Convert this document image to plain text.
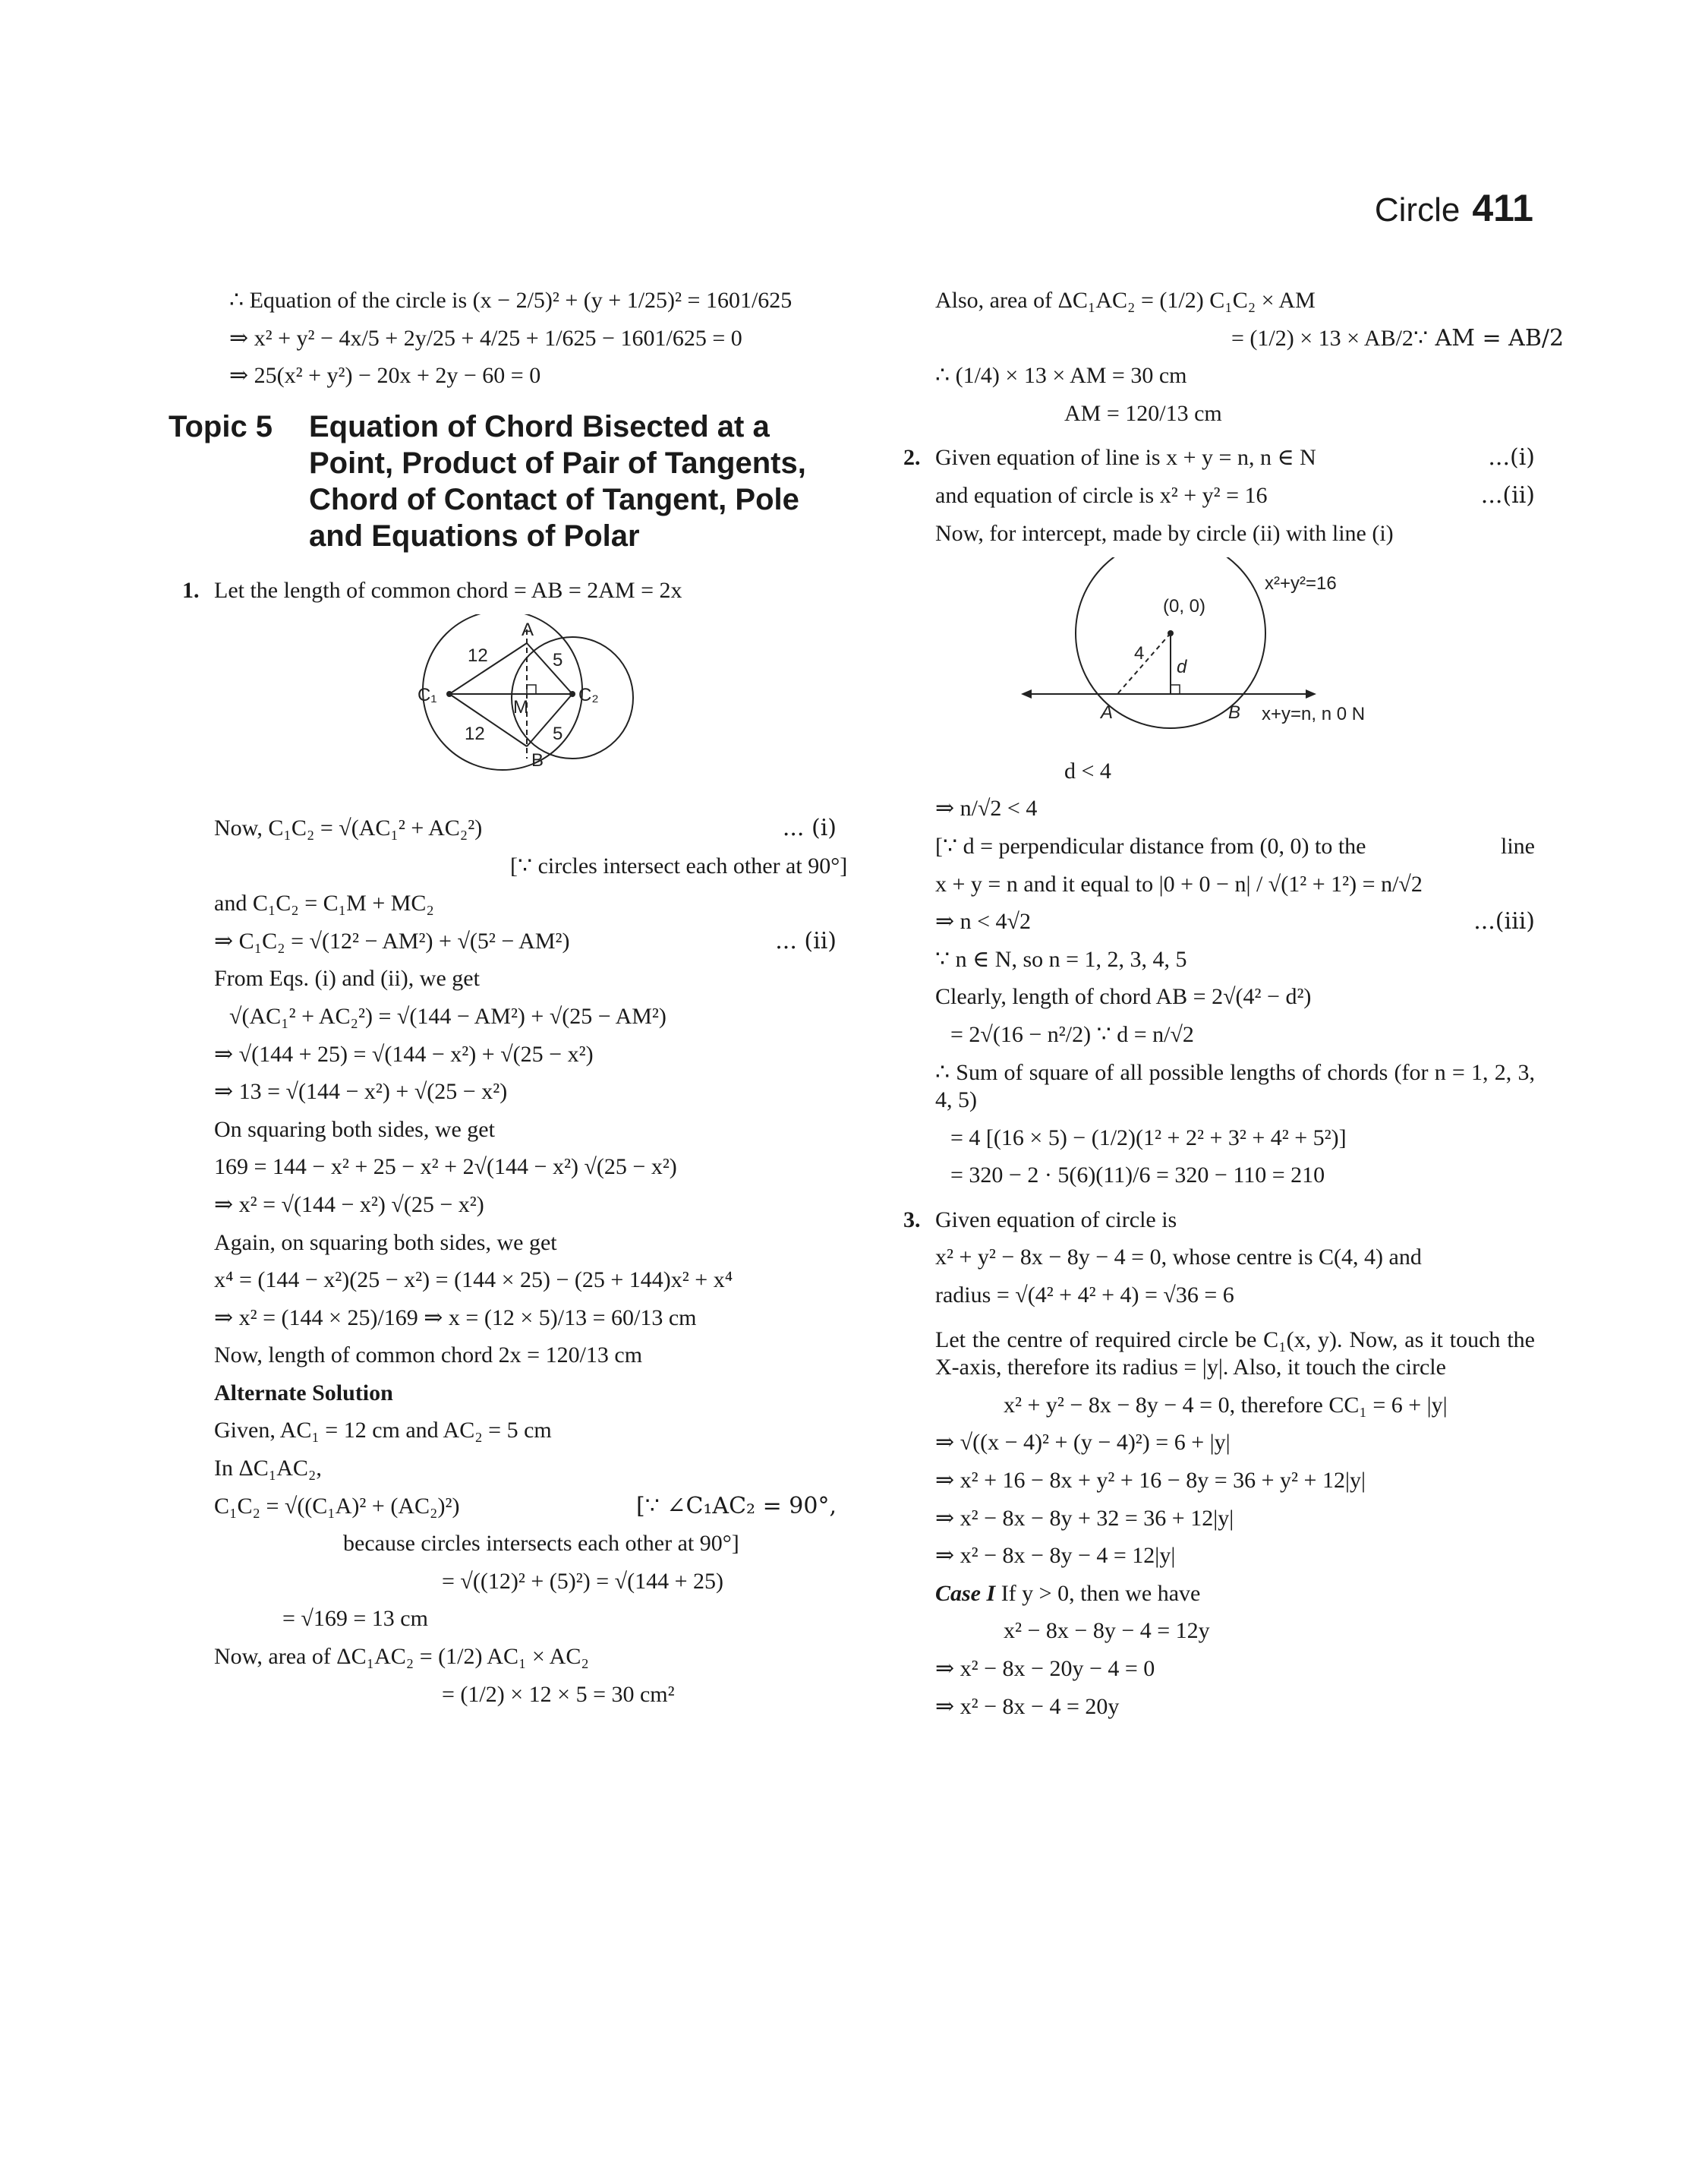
Circle 411
∴ Equation of the circle is (x − 2/5)² + (y + 1/25)² = 1601/625
⇒ x² + y² − 4x/5 + 2y/25 + 4/25 + 1/625 − 1601/625 = 0
⇒ 25(x² + y²) − 20x + 2y − 60 = 0
Topic 5	Equation of Chord Bisected at a Point, Product of Pair of Tangents, Chord of Contact of Tangent, Pole and Equations of Polar
1. Let the length of common chord = AB = 2AM = 2x
A
B
C₁	C₂
M
12
12
5
5
Now, C₁C₂ = √(AC₁² + AC₂²)	... (i)
[∵ circles intersect each other at 90°]
and C₁C₂ = C₁M + MC₂
⇒ C₁C₂ = √(12² − AM²) + √(5² − AM²)	... (ii)
From Eqs. (i) and (ii), we get
√(AC₁² + AC₂²) = √(144 − AM²) + √(25 − AM²)
⇒ √(144 + 25) = √(144 − x²) + √(25 − x²)
⇒ 13 = √(144 − x²) + √(25 − x²)
On squaring both sides, we get
169 = 144 − x² + 25 − x² + 2√(144 − x²) √(25 − x²)
⇒ x² = √(144 − x²) √(25 − x²)
Again, on squaring both sides, we get
x⁴ = (144 − x²)(25 − x²) = (144 × 25) − (25 + 144)x² + x⁴
⇒ x² = (144 × 25)/169 ⇒ x = (12 × 5)/13 = 60/13 cm
Now, length of common chord 2x = 120/13 cm
Alternate Solution
Given, AC₁ = 12 cm and AC₂ = 5 cm
In ΔC₁AC₂,
C₁C₂ = √((C₁A)² + (AC₂)²)	[∵ ∠C₁AC₂ = 90°,
because circles intersects each other at 90°]
= √((12)² + (5)²) = √(144 + 25)
= √169 = 13 cm
Now, area of ΔC₁AC₂ = (1/2) AC₁ × AC₂
= (1/2) × 12 × 5 = 30 cm²
Also, area of ΔC₁AC₂ = (1/2) C₁C₂ × AM
= (1/2) × 13 × AB/2 ∵ AM = AB/2
∴ (1/4) × 13 × AM = 30 cm
AM = 120/13 cm
2. Given equation of line is x + y = n, n ∈ N	...(i)
and equation of circle is x² + y² = 16	...(ii)
Now, for intercept, made by circle (ii) with line (i)
(0, 0)
x²+y²=16
4
d
A	B x+y=n, n 0 N
d < 4
⇒ n/√2 < 4
[∵ d = perpendicular distance from (0, 0) to the	line
x + y = n and it equal to |0 + 0 − n| / √(1² + 1²) = n/√2
⇒ n < 4√2	...(iii)
∵ n ∈ N, so n = 1, 2, 3, 4, 5
Clearly, length of chord AB = 2√(4² − d²)
= 2√(16 − n²/2) ∵ d = n/√2
∴ Sum of square of all possible lengths of chords (for n = 1, 2, 3, 4, 5)
= 4 [(16 × 5) − (1/2)(1² + 2² + 3² + 4² + 5²)]
= 320 − 2 · 5(6)(11)/6 = 320 − 110 = 210
3. Given equation of circle is
x² + y² − 8x − 8y − 4 = 0, whose centre is C(4, 4) and
radius = √(4² + 4² + 4) = √36 = 6
Let the centre of required circle be C₁(x, y). Now, as it touch the X-axis, therefore its radius = |y|. Also, it touch the circle
x² + y² − 8x − 8y − 4 = 0, therefore CC₁ = 6 + |y|
⇒ √((x − 4)² + (y − 4)²) = 6 + |y|
⇒ x² + 16 − 8x + y² + 16 − 8y = 36 + y² + 12|y|
⇒ x² − 8x − 8y + 32 = 36 + 12|y|
⇒ x² − 8x − 8y − 4 = 12|y|
Case I If y > 0, then we have
x² − 8x − 8y − 4 = 12y
⇒ x² − 8x − 20y − 4 = 0
⇒ x² − 8x − 4 = 20y
